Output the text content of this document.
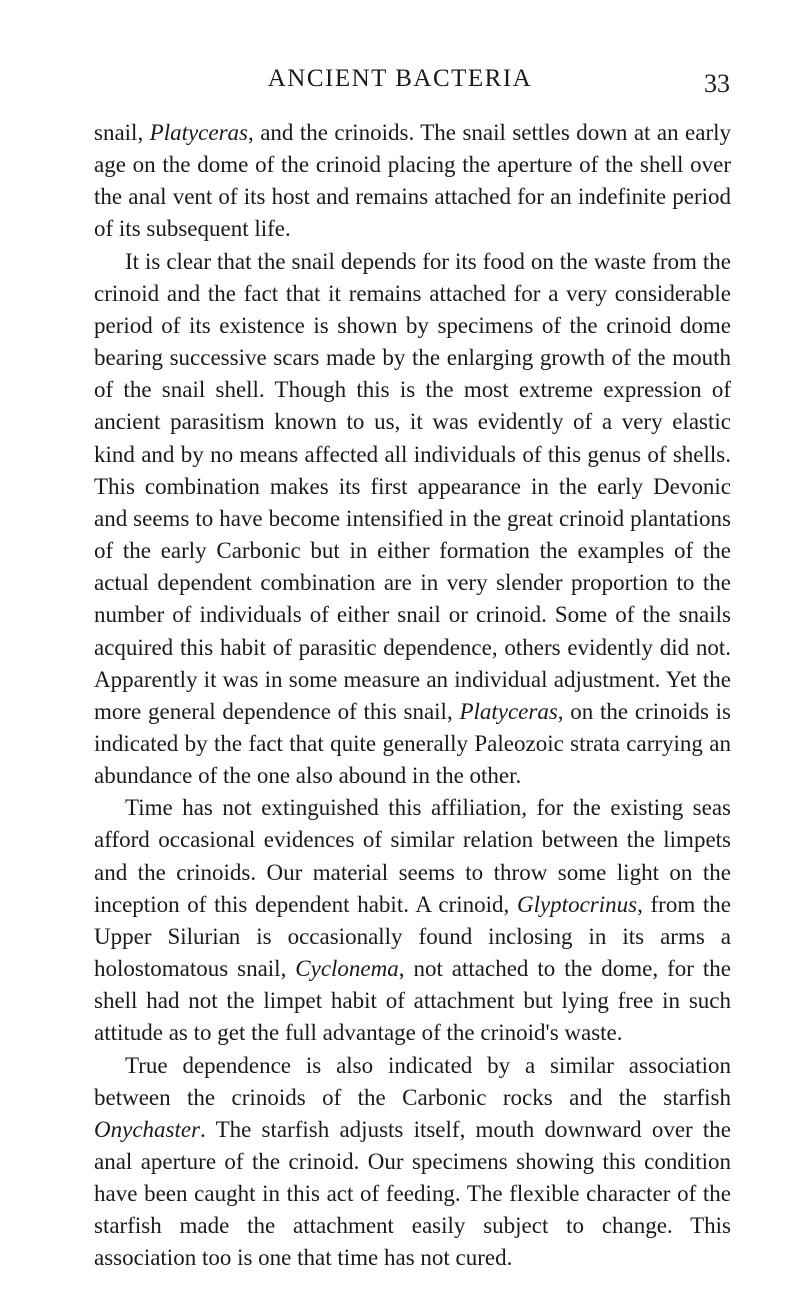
ANCIENT BACTERIA	33

snail, Platyceras, and the crinoids. The snail settles down at an early age on the dome of the crinoid placing the aperture of the shell over the anal vent of its host and remains attached for an indefinite period of its subsequent life.

It is clear that the snail depends for its food on the waste from the crinoid and the fact that it remains attached for a very considerable period of its existence is shown by specimens of the crinoid dome bearing successive scars made by the enlarging growth of the mouth of the snail shell. Though this is the most extreme expression of ancient parasitism known to us, it was evidently of a very elastic kind and by no means affected all individuals of this genus of shells. This combination makes its first appearance in the early Devonic and seems to have become intensified in the great crinoid plantations of the early Carbonic but in either formation the examples of the actual dependent combination are in very slender proportion to the number of individuals of either snail or crinoid. Some of the snails acquired this habit of parasitic dependence, others evidently did not. Apparently it was in some measure an individual adjustment. Yet the more general dependence of this snail, Platyceras, on the crinoids is indicated by the fact that quite generally Paleozoic strata carrying an abundance of the one also abound in the other.

Time has not extinguished this affiliation, for the existing seas afford occasional evidences of similar relation between the limpets and the crinoids. Our material seems to throw some light on the inception of this dependent habit. A crinoid, Glyptocrinus, from the Upper Silurian is occasionally found inclosing in its arms a holostomatous snail, Cyclonema, not attached to the dome, for the shell had not the limpet habit of attachment but lying free in such attitude as to get the full advantage of the crinoid's waste.

True dependence is also indicated by a similar association between the crinoids of the Carbonic rocks and the starfish Onychaster. The starfish adjusts itself, mouth downward over the anal aperture of the crinoid. Our specimens showing this condition have been caught in this act of feeding. The flexible character of the starfish made the attachment easily subject to change. This association too is one that time has not cured.
